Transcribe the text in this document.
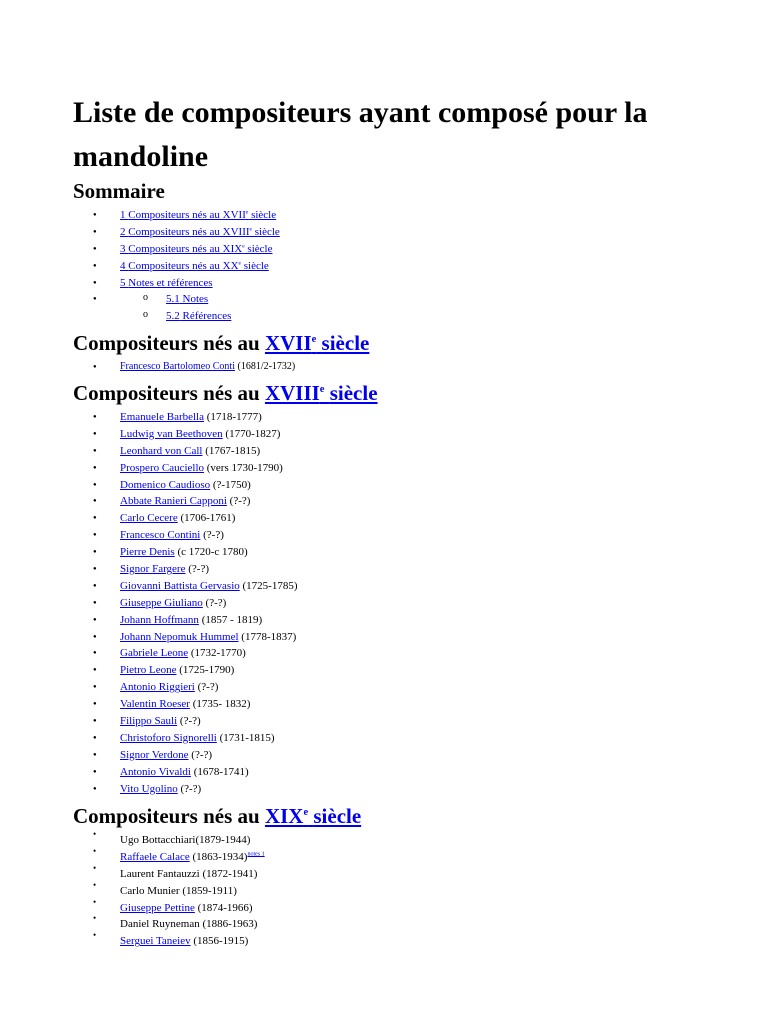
Liste de compositeurs ayant composé pour la mandoline
Sommaire
● 1 Compositeurs nés au XVIIe siècle
● 2 Compositeurs nés au XVIIIe siècle
● 3 Compositeurs nés au XIXe siècle
● 4 Compositeurs nés au XXe siècle
● 5 Notes et références
o ● 5.1 Notes
o 5.2 Références
Compositeurs nés au XVIIe siècle
● Francesco Bartolomeo Conti (1681/2-1732)
Compositeurs nés au XVIIIe siècle
● Emanuele Barbella (1718-1777)
● Ludwig van Beethoven (1770-1827)
● Leonhard von Call (1767-1815)
● Prospero Cauciello (vers 1730-1790)
● Domenico Caudioso (?-1750)
● Abbate Ranieri Capponi (?-?)
● Carlo Cecere (1706-1761)
● Francesco Contini (?-?)
● Pierre Denis (c 1720-c 1780)
● Signor Fargere (?-?)
● Giovanni Battista Gervasio (1725-1785)
● Giuseppe Giuliano (?-?)
● Johann Hoffmann (1857 - 1819)
● Johann Nepomuk Hummel (1778-1837)
● Gabriele Leone (1732-1770)
● Pietro Leone (1725-1790)
● Antonio Riggieri (?-?)
● Valentin Roeser (1735- 1832)
● Filippo Sauli (?-?)
● Christoforo Signorelli (1731-1815)
● Signor Verdone (?-?)
● Antonio Vivaldi (1678-1741)
● Vito Ugolino (?-?)
Compositeurs nés au XIXe siècle
• Ugo Bottacchiari(1879-1944)
• Raffaele Calace (1863-1934)$^{notes 1}$
• Laurent Fantauzzi (1872-1941)
• Carlo Munier (1859-1911)
• Giuseppe Pettine (1874-1966)
• Daniel Ruyneman (1886-1963)
• Serguei Taneiev (1856-1915)
